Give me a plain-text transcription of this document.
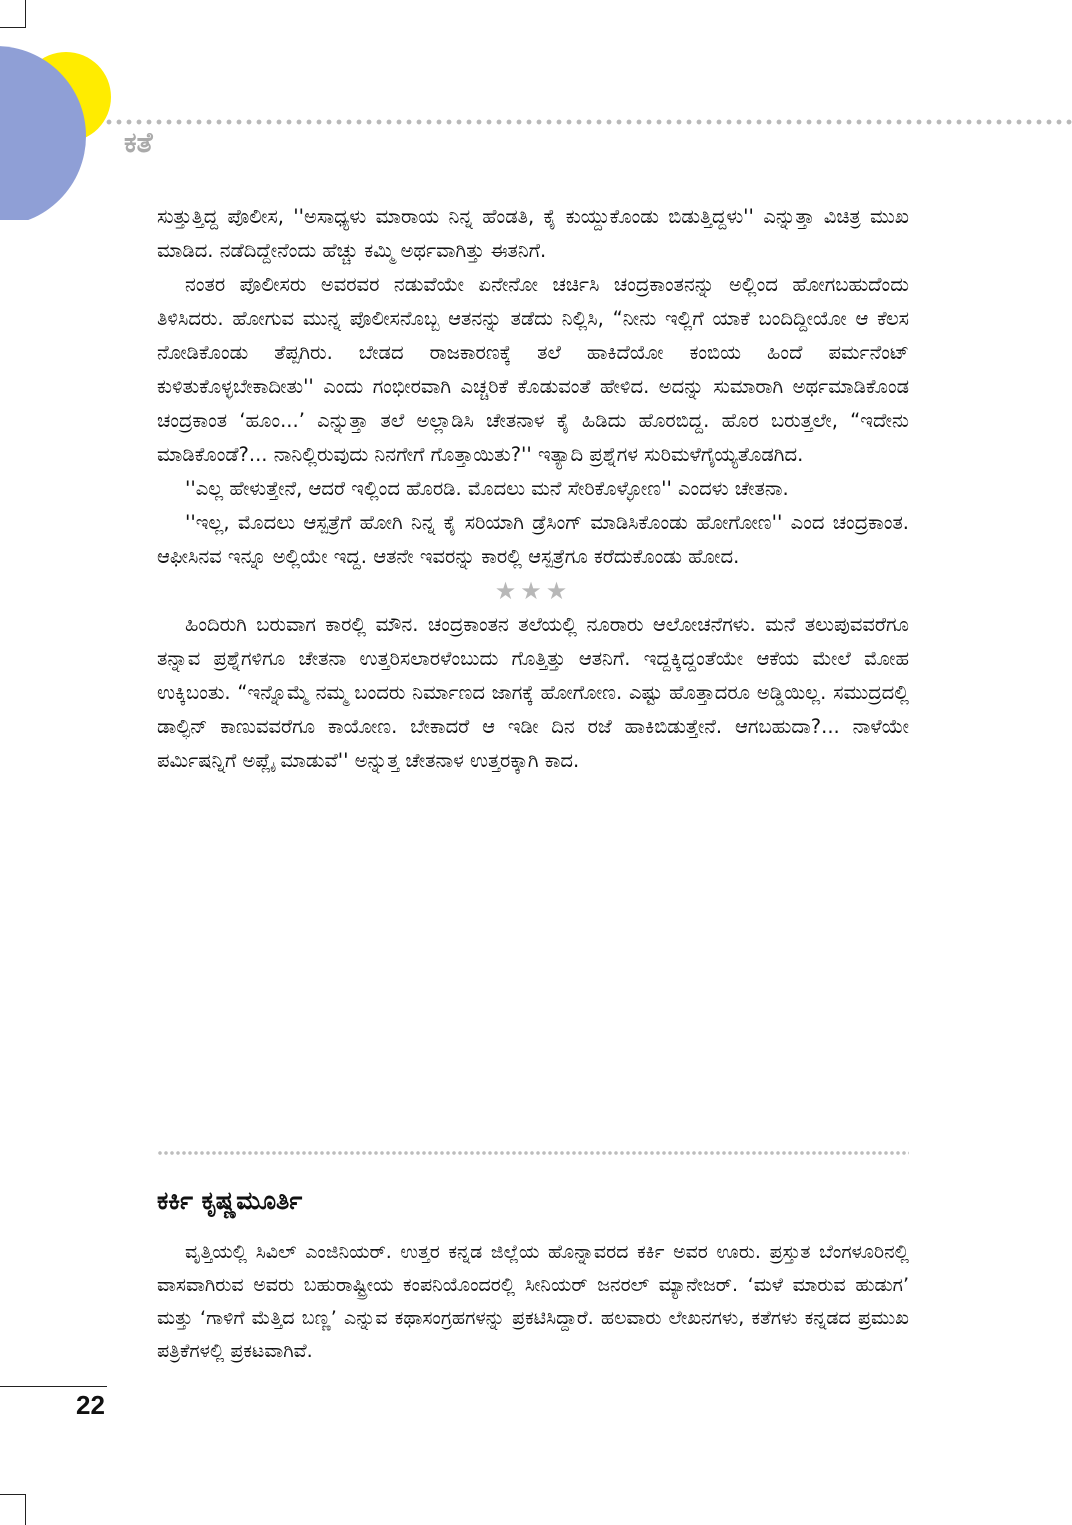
ಕತೆ

ಸುತ್ತುತ್ತಿದ್ದ ಪೊಲೀಸ, ''ಅಸಾಧ್ಯಳು ಮಾರಾಯ ನಿನ್ನ ಹೆಂಡತಿ, ಕೈ ಕುಯ್ದುಕೊಂಡು ಬಿಡುತ್ತಿದ್ದಳು'' ಎನ್ನುತ್ತಾ ವಿಚಿತ್ರ ಮುಖ ಮಾಡಿದ. ನಡೆದಿದ್ದೇನೆಂದು ಹೆಚ್ಚು ಕಮ್ಮಿ ಅರ್ಥವಾಗಿತ್ತು ಈತನಿಗೆ.

ನಂತರ ಪೊಲೀಸರು ಅವರವರ ನಡುವೆಯೇ ಏನೇನೋ ಚರ್ಚಿಸಿ ಚಂದ್ರಕಾಂತನನ್ನು ಅಲ್ಲಿಂದ ಹೋಗಬಹುದೆಂದು ತಿಳಿಸಿದರು. ಹೋಗುವ ಮುನ್ನ ಪೊಲೀಸನೊಬ್ಬ ಆತನನ್ನು ತಡೆದು ನಿಲ್ಲಿಸಿ, “ನೀನು ಇಲ್ಲಿಗೆ ಯಾಕೆ ಬಂದಿದ್ದೀಯೋ ಆ ಕೆಲಸ ನೋಡಿಕೊಂಡು ತೆಪ್ಪಗಿರು. ಬೇಡದ ರಾಜಕಾರಣಕ್ಕೆ ತಲೆ ಹಾಕಿದೆಯೋ ಕಂಬಿಯ ಹಿಂದೆ ಪರ್ಮನೆಂಟ್ ಕುಳಿತುಕೊಳ್ಳಬೇಕಾದೀತು'' ಎಂದು ಗಂಭೀರವಾಗಿ ಎಚ್ಚರಿಕೆ ಕೊಡುವಂತೆ ಹೇಳಿದ. ಅದನ್ನು ಸುಮಾರಾಗಿ ಅರ್ಥಮಾಡಿಕೊಂಡ ಚಂದ್ರಕಾಂತ ‘ಹೂಂ...’ ಎನ್ನುತ್ತಾ ತಲೆ ಅಲ್ಲಾಡಿಸಿ ಚೇತನಾಳ ಕೈ ಹಿಡಿದು ಹೊರಬಿದ್ದ. ಹೊರ ಬರುತ್ತಲೇ, “ಇದೇನು ಮಾಡಿಕೊಂಡೆ?... ನಾನಿಲ್ಲಿರುವುದು ನಿನಗೇಗೆ ಗೊತ್ತಾಯಿತು?'' ಇತ್ಯಾದಿ ಪ್ರಶ್ನೆಗಳ ಸುರಿಮಳೆಗೈಯ್ಯತೊಡಗಿದ.

''ಎಲ್ಲ ಹೇಳುತ್ತೇನೆ, ಆದರೆ ಇಲ್ಲಿಂದ ಹೊರಡಿ. ಮೊದಲು ಮನೆ ಸೇರಿಕೊಳ್ಳೋಣ'' ಎಂದಳು ಚೇತನಾ.

''ಇಲ್ಲ, ಮೊದಲು ಆಸ್ಪತ್ರೆಗೆ ಹೋಗಿ ನಿನ್ನ ಕೈ ಸರಿಯಾಗಿ ಡ್ರೆಸಿಂಗ್ ಮಾಡಿಸಿಕೊಂಡು ಹೋಗೋಣ'' ಎಂದ ಚಂದ್ರಕಾಂತ. ಆಫೀಸಿನವ ಇನ್ನೂ ಅಲ್ಲಿಯೇ ಇದ್ದ. ಆತನೇ ಇವರನ್ನು ಕಾರಲ್ಲಿ ಆಸ್ಪತ್ರೆಗೂ ಕರೆದುಕೊಂಡು ಹೋದ.

★★★

ಹಿಂದಿರುಗಿ ಬರುವಾಗ ಕಾರಲ್ಲಿ ಮೌನ. ಚಂದ್ರಕಾಂತನ ತಲೆಯಲ್ಲಿ ನೂರಾರು ಆಲೋಚನೆಗಳು. ಮನೆ ತಲುಪುವವರೆಗೂ ತನ್ನಾವ ಪ್ರಶ್ನೆಗಳಿಗೂ ಚೇತನಾ ಉತ್ತರಿಸಲಾರಳೆಂಬುದು ಗೊತ್ತಿತ್ತು ಆತನಿಗೆ. ಇದ್ದಕ್ಕಿದ್ದಂತೆಯೇ ಆಕೆಯ ಮೇಲೆ ಮೋಹ ಉಕ್ಕಿಬಂತು. “ಇನ್ನೊಮ್ಮೆ ನಮ್ಮ ಬಂದರು ನಿರ್ಮಾಣದ ಜಾಗಕ್ಕೆ ಹೋಗೋಣ. ಎಷ್ಟು ಹೊತ್ತಾದರೂ ಅಡ್ಡಿಯಿಲ್ಲ. ಸಮುದ್ರದಲ್ಲಿ ಡಾಲ್ಫಿನ್ ಕಾಣುವವರೆಗೂ ಕಾಯೋಣ. ಬೇಕಾದರೆ ಆ ಇಡೀ ದಿನ ರಜೆ ಹಾಕಿಬಿಡುತ್ತೇನೆ. ಆಗಬಹುದಾ?... ನಾಳೆಯೇ ಪರ್ಮಿಷನ್ನಿಗೆ ಅಪ್ಲೈ ಮಾಡುವೆ'' ಅನ್ನುತ್ತ ಚೇತನಾಳ ಉತ್ತರಕ್ಕಾಗಿ ಕಾದ.

ಕರ್ಕಿ ಕೃಷ್ಣಮೂರ್ತಿ

ವೃತ್ತಿಯಲ್ಲಿ ಸಿವಿಲ್ ಎಂಜಿನಿಯರ್. ಉತ್ತರ ಕನ್ನಡ ಜಿಲ್ಲೆಯ ಹೊನ್ನಾವರದ ಕರ್ಕಿ ಅವರ ಊರು. ಪ್ರಸ್ತುತ ಬೆಂಗಳೂರಿನಲ್ಲಿ ವಾಸವಾಗಿರುವ ಅವರು ಬಹುರಾಷ್ಟ್ರೀಯ ಕಂಪನಿಯೊಂದರಲ್ಲಿ ಸೀನಿಯರ್ ಜನರಲ್ ಮ್ಯಾನೇಜರ್. ‘ಮಳೆ ಮಾರುವ ಹುಡುಗ’ ಮತ್ತು ‘ಗಾಳಿಗೆ ಮೆತ್ತಿದ ಬಣ್ಣ’ ಎನ್ನುವ ಕಥಾಸಂಗ್ರಹಗಳನ್ನು ಪ್ರಕಟಿಸಿದ್ದಾರೆ. ಹಲವಾರು ಲೇಖನಗಳು, ಕತೆಗಳು ಕನ್ನಡದ ಪ್ರಮುಖ ಪತ್ರಿಕೆಗಳಲ್ಲಿ ಪ್ರಕಟವಾಗಿವೆ.

22
